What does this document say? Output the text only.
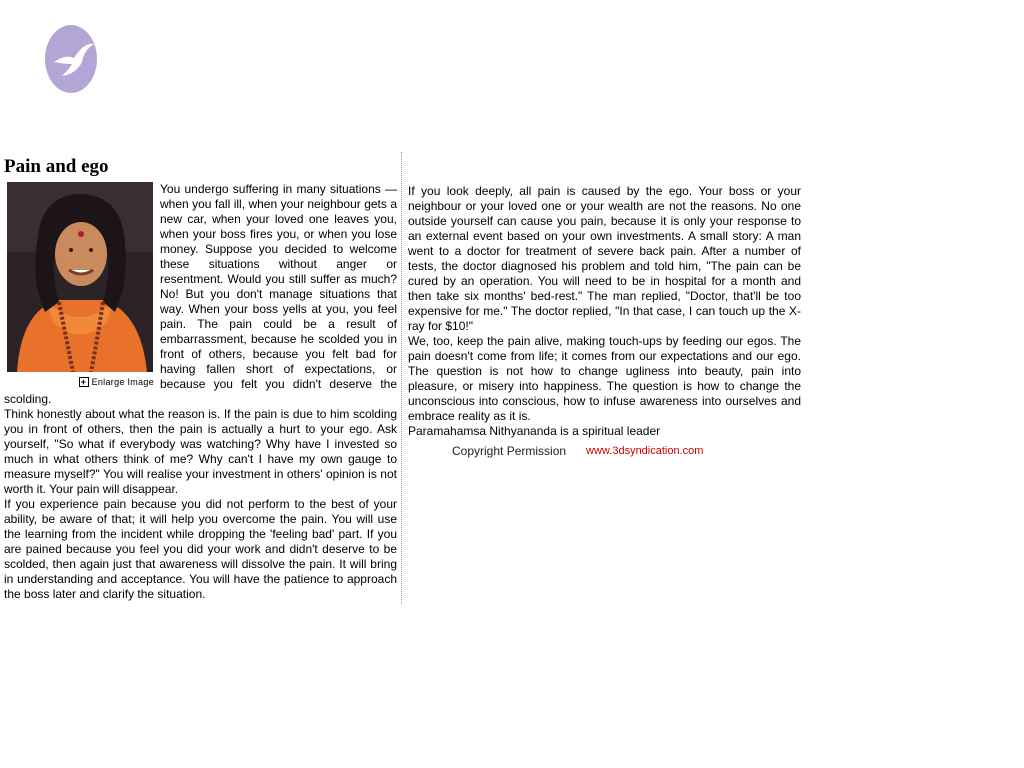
Pain and ego
+ Enlarge Image

You undergo suffering in many situations — when you fall ill, when your neighbour gets a new car, when your loved one leaves you, when your boss fires you, or when you lose money. Suppose you decided to welcome these situations without anger or resentment. Would you still suffer as much? No! But you don't manage situations that way. When your boss yells at you, you feel pain. The pain could be a result of embarrassment, because he scolded you in front of others, because you felt bad for having fallen short of expectations, or because you felt you didn't deserve the scolding.

Think honestly about what the reason is. If the pain is due to him scolding you in front of others, then the pain is actually a hurt to your ego. Ask yourself, "So what if everybody was watching? Why have I invested so much in what others think of me? Why can't I have my own gauge to measure myself?" You will realise your investment in others' opinion is not worth it. Your pain will disappear.

If you experience pain because you did not perform to the best of your ability, be aware of that; it will help you overcome the pain. You will use the learning from the incident while dropping the 'feeling bad' part. If you are pained because you feel you did your work and didn't deserve to be scolded, then again just that awareness will dissolve the pain. It will bring in understanding and acceptance. You will have the patience to approach the boss later and clarify the situation.

If you look deeply, all pain is caused by the ego. Your boss or your neighbour or your loved one or your wealth are not the reasons. No one outside yourself can cause you pain, because it is only your response to an external event based on your own investments. A small story: A man went to a doctor for treatment of severe back pain. After a number of tests, the doctor diagnosed his problem and told him, "The pain can be cured by an operation. You will need to be in hospital for a month and then take six months' bed-rest." The man replied, "Doctor, that'll be too expensive for me." The doctor replied, "In that case, I can touch up the X-ray for $10!"

We, too, keep the pain alive, making touch-ups by feeding our egos. The pain doesn't come from life; it comes from our expectations and our ego. The question is not how to change ugliness into beauty, pain into pleasure, or misery into happiness. The question is how to change the unconscious into conscious, how to infuse awareness into ourselves and embrace reality as it is.

Paramahamsa Nithyananda is a spiritual leader

Copyright Permission www.3dsyndication.com
